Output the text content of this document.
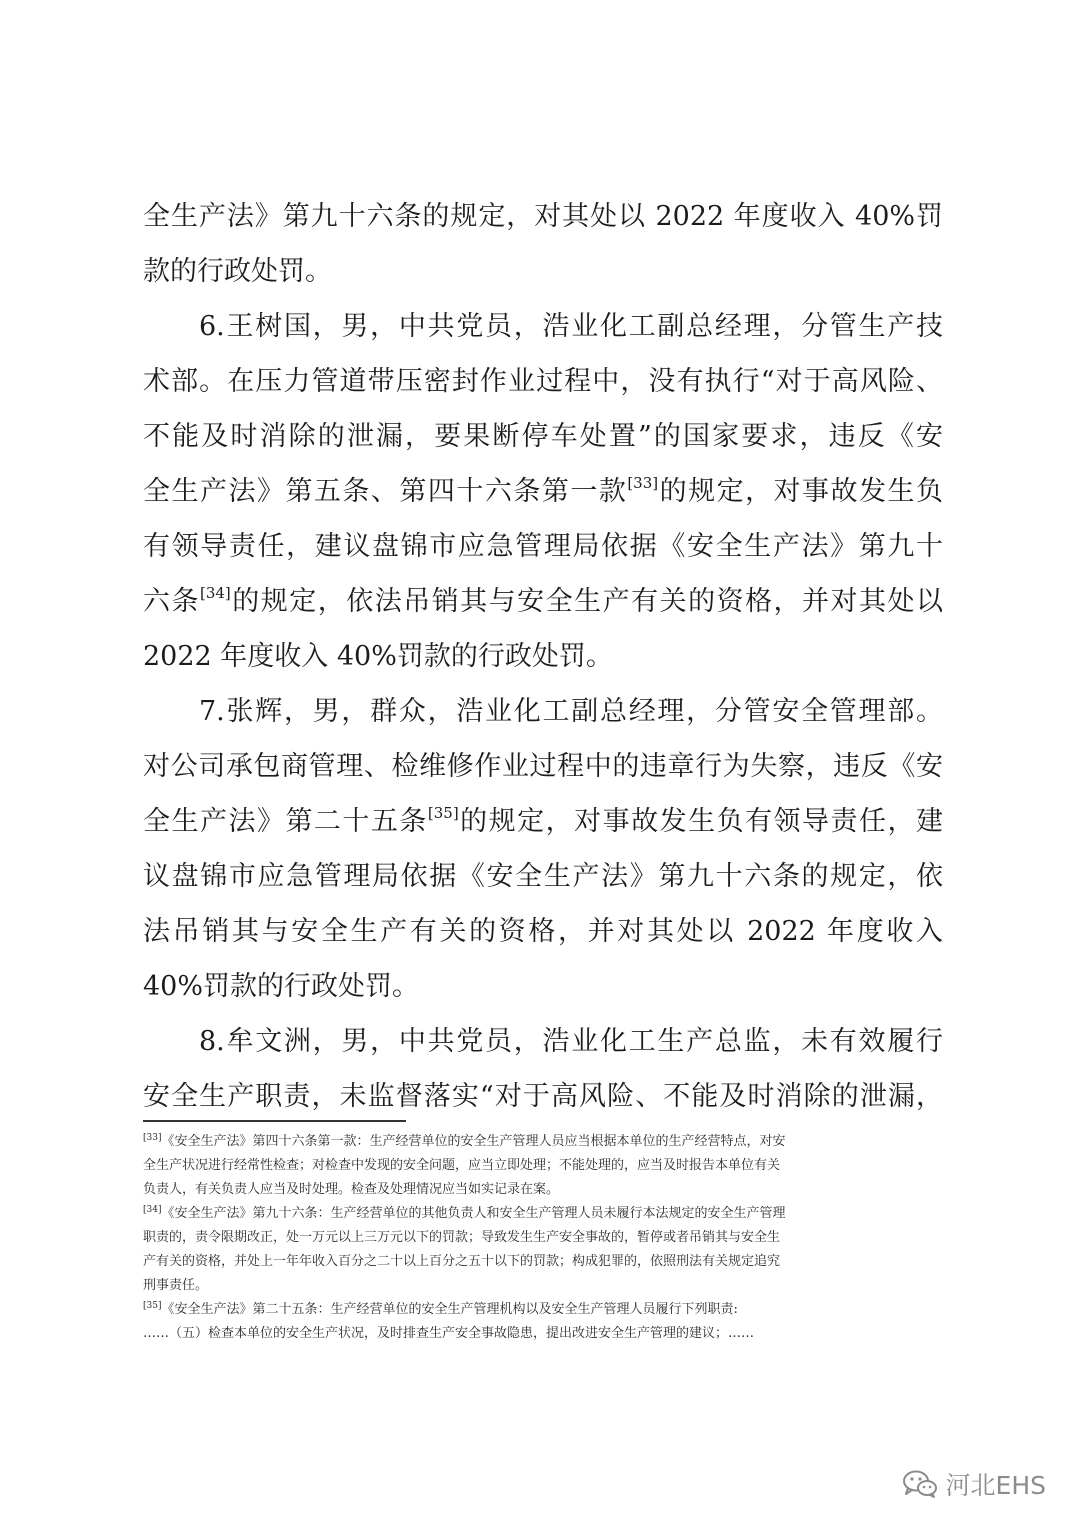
全生产法》第九十六条的规定，对其处以 2022 年度收入 40%罚
款的行政处罚。
6.王树国，男，中共党员，浩业化工副总经理，分管生产技
术部。在压力管道带压密封作业过程中，没有执行“对于高风险、
不能及时消除的泄漏，要果断停车处置”的国家要求，违反《安
全生产法》第五条、第四十六条第一款[33]的规定，对事故发生负
有领导责任，建议盘锦市应急管理局依据《安全生产法》第九十
六条[34]的规定，依法吊销其与安全生产有关的资格，并对其处以
2022 年度收入 40%罚款的行政处罚。
7.张辉，男，群众，浩业化工副总经理，分管安全管理部。
对公司承包商管理、检维修作业过程中的违章行为失察，违反《安
全生产法》第二十五条[35]的规定，对事故发生负有领导责任，建
议盘锦市应急管理局依据《安全生产法》第九十六条的规定，依
法吊销其与安全生产有关的资格，并对其处以 2022 年度收入
40%罚款的行政处罚。
8.牟文洲，男，中共党员，浩业化工生产总监，未有效履行
安全生产职责，未监督落实“对于高风险、不能及时消除的泄漏，
[33]《安全生产法》第四十六条第一款：生产经营单位的安全生产管理人员应当根据本单位的生产经营特点，对安
全生产状况进行经常性检查；对检查中发现的安全问题，应当立即处理；不能处理的，应当及时报告本单位有关
负责人，有关负责人应当及时处理。检查及处理情况应当如实记录在案。
[34]《安全生产法》第九十六条：生产经营单位的其他负责人和安全生产管理人员未履行本法规定的安全生产管理
职责的，责令限期改正，处一万元以上三万元以下的罚款；导致发生生产安全事故的，暂停或者吊销其与安全生
产有关的资格，并处上一年年收入百分之二十以上百分之五十以下的罚款；构成犯罪的，依照刑法有关规定追究
刑事责任。
[35]《安全生产法》第二十五条：生产经营单位的安全生产管理机构以及安全生产管理人员履行下列职责:
……（五）检查本单位的安全生产状况，及时排查生产安全事故隐患，提出改进安全生产管理的建议；……
河北EHS
